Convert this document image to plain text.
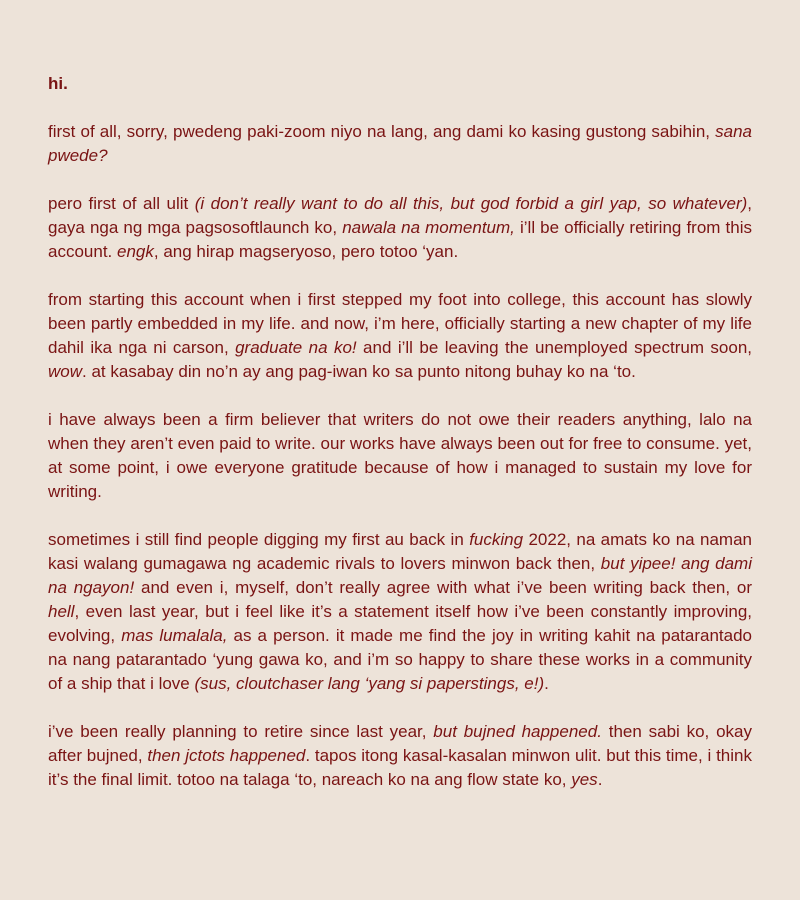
hi.

first of all, sorry, pwedeng paki-zoom niyo na lang, ang dami ko kasing gustong sabihin, sana pwede?

pero first of all ulit (i don’t really want to do all this, but god forbid a girl yap, so whatever), gaya nga ng mga pagsosoftlaunch ko, nawala na momentum, i’ll be officially retiring from this account. engk, ang hirap magseryoso, pero totoo ‘yan.

from starting this account when i first stepped my foot into college, this account has slowly been partly embedded in my life. and now, i’m here, officially starting a new chapter of my life dahil ika nga ni carson, graduate na ko! and i’ll be leaving the unemployed spectrum soon, wow. at kasabay din no’n ay ang pag-iwan ko sa punto nitong buhay ko na ‘to.

i have always been a firm believer that writers do not owe their readers anything, lalo na when they aren’t even paid to write. our works have always been out for free to consume. yet, at some point, i owe everyone gratitude because of how i managed to sustain my love for writing.

sometimes i still find people digging my first au back in fucking 2022, na amats ko na naman kasi walang gumagawa ng academic rivals to lovers minwon back then, but yipee! ang dami na ngayon! and even i, myself, don’t really agree with what i’ve been writing back then, or hell, even last year, but i feel like it’s a statement itself how i’ve been constantly improving, evolving, mas lumalala, as a person. it made me find the joy in writing kahit na patarantado na nang patarantado ‘yung gawa ko, and i’m so happy to share these works in a community of a ship that i love (sus, cloutchaser lang ‘yang si paperstings, e!).

i’ve been really planning to retire since last year, but bujned happened. then sabi ko, okay after bujned, then jctots happened. tapos itong kasal-kasalan minwon ulit. but this time, i think it’s the final limit. totoo na talaga ‘to, nareach ko na ang flow state ko, yes.
